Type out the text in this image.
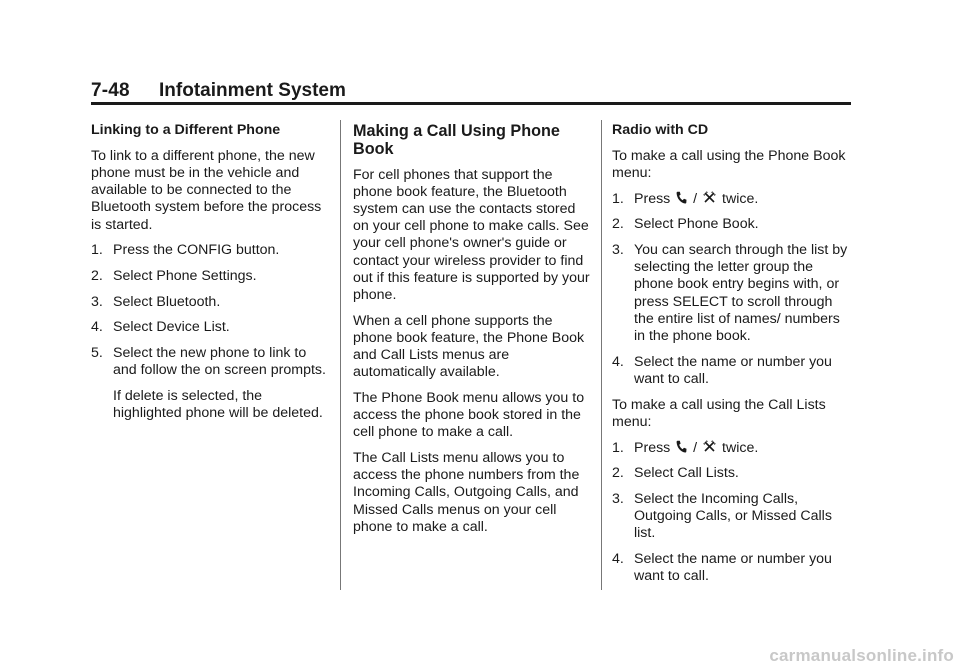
7-48 Infotainment System

Linking to a Different Phone

To link to a different phone, the new phone must be in the vehicle and available to be connected to the Bluetooth system before the process is started.

1. Press the CONFIG button.
2. Select Phone Settings.
3. Select Bluetooth.
4. Select Device List.
5. Select the new phone to link to and follow the on screen prompts.

If delete is selected, the highlighted phone will be deleted.

Making a Call Using Phone Book

For cell phones that support the phone book feature, the Bluetooth system can use the contacts stored on your cell phone to make calls. See your cell phone's owner's guide or contact your wireless provider to find out if this feature is supported by your phone.

When a cell phone supports the phone book feature, the Phone Book and Call Lists menus are automatically available.

The Phone Book menu allows you to access the phone book stored in the cell phone to make a call.

The Call Lists menu allows you to access the phone numbers from the Incoming Calls, Outgoing Calls, and Missed Calls menus on your cell phone to make a call.

Radio with CD

To make a call using the Phone Book menu:

1. Press / twice.
2. Select Phone Book.
3. You can search through the list by selecting the letter group the phone book entry begins with, or press SELECT to scroll through the entire list of names/ numbers in the phone book.
4. Select the name or number you want to call.

To make a call using the Call Lists menu:

1. Press / twice.
2. Select Call Lists.
3. Select the Incoming Calls, Outgoing Calls, or Missed Calls list.
4. Select the name or number you want to call.
carmanualsonline.info
